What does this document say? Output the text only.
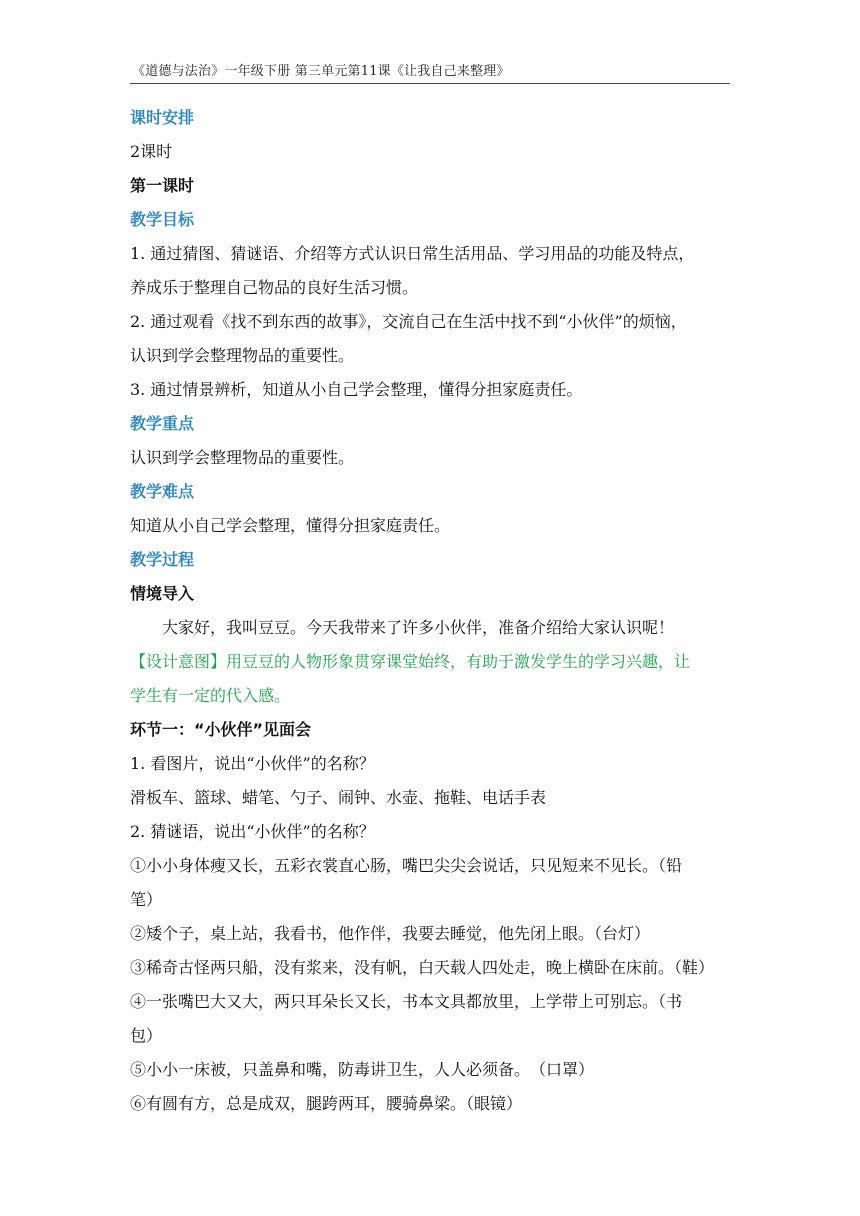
《道德与法治》一年级下册 第三单元第11课《让我自己来整理》

课时安排

2课时

第一课时

教学目标

1. 通过猜图、猜谜语、介绍等方式认识日常生活用品、学习用品的功能及特点，

养成乐于整理自己物品的良好生活习惯。

2. 通过观看《找不到东西的故事》，交流自己在生活中找不到“小伙伴”的烦恼，

认识到学会整理物品的重要性。

3. 通过情景辨析，知道从小自己学会整理，懂得分担家庭责任。

教学重点

认识到学会整理物品的重要性。

教学难点

知道从小自己学会整理，懂得分担家庭责任。

教学过程

情境导入

大家好，我叫豆豆。今天我带来了许多小伙伴，准备介绍给大家认识呢！

【设计意图】用豆豆的人物形象贯穿课堂始终，有助于激发学生的学习兴趣，让

学生有一定的代入感。

环节一：“小伙伴”见面会

1. 看图片，说出“小伙伴”的名称？

滑板车、篮球、蜡笔、勺子、闹钟、水壶、拖鞋、电话手表

2. 猜谜语，说出“小伙伴”的名称？

①小小身体瘦又长，五彩衣裳直心肠，嘴巴尖尖会说话，只见短来不见长。（铅

笔）

②矮个子，桌上站，我看书，他作伴，我要去睡觉，他先闭上眼。（台灯）

③稀奇古怪两只船，没有浆来，没有帆，白天载人四处走，晚上横卧在床前。（鞋）

④一张嘴巴大又大，两只耳朵长又长，书本文具都放里，上学带上可别忘。（书

包）

⑤小小一床被，只盖鼻和嘴，防毒讲卫生，人人必须备。　（口罩）

⑥有圆有方，总是成双，腿跨两耳，腰骑鼻梁。（眼镜）
